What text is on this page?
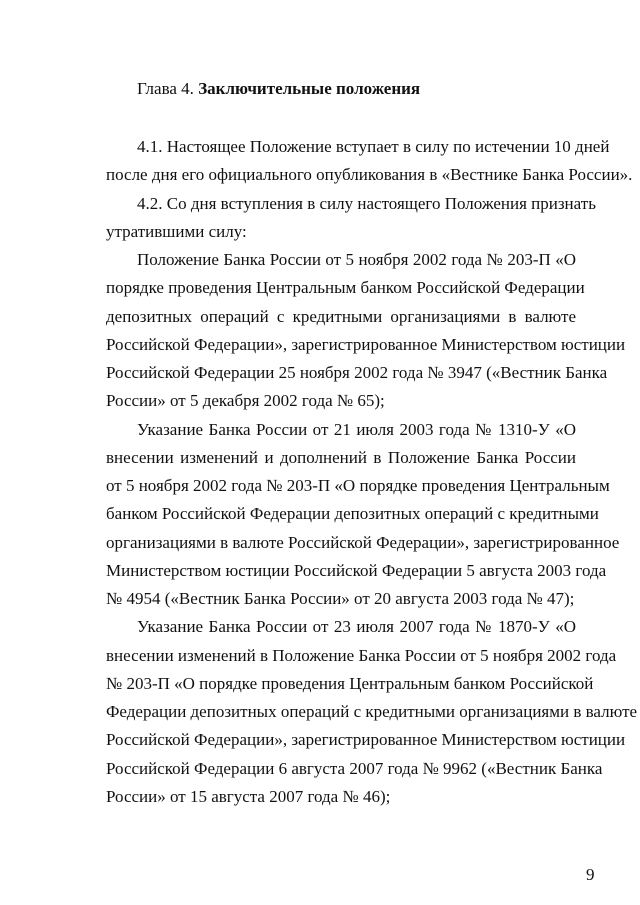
Глава 4. Заключительные положения
4.1. Настоящее Положение вступает в силу по истечении 10 дней
после дня его официального опубликования в «Вестнике Банка России».
4.2. Со дня вступления в силу настоящего Положения признать
утратившими силу:
Положение Банка России от 5 ноября 2002 года № 203-П «О
порядке проведения Центральным банком Российской Федерации
депозитных операций с кредитными организациями в валюте
Российской Федерации», зарегистрированное Министерством юстиции
Российской Федерации 25 ноября 2002 года № 3947 («Вестник Банка
России» от 5 декабря 2002 года № 65);
Указание Банка России от 21 июля 2003 года № 1310-У «О
внесении изменений и дополнений в Положение Банка России
от 5 ноября 2002 года № 203-П «О порядке проведения Центральным
банком Российской Федерации депозитных операций с кредитными
организациями в валюте Российской Федерации», зарегистрированное
Министерством юстиции Российской Федерации 5 августа 2003 года
№ 4954 («Вестник Банка России» от 20 августа 2003 года № 47);
Указание Банка России от 23 июля 2007 года № 1870-У «О
внесении изменений в Положение Банка России от 5 ноября 2002 года
№ 203-П «О порядке проведения Центральным банком Российской
Федерации депозитных операций с кредитными организациями в валюте
Российской Федерации», зарегистрированное Министерством юстиции
Российской Федерации 6 августа 2007 года № 9962 («Вестник Банка
России» от 15 августа 2007 года № 46);
9
